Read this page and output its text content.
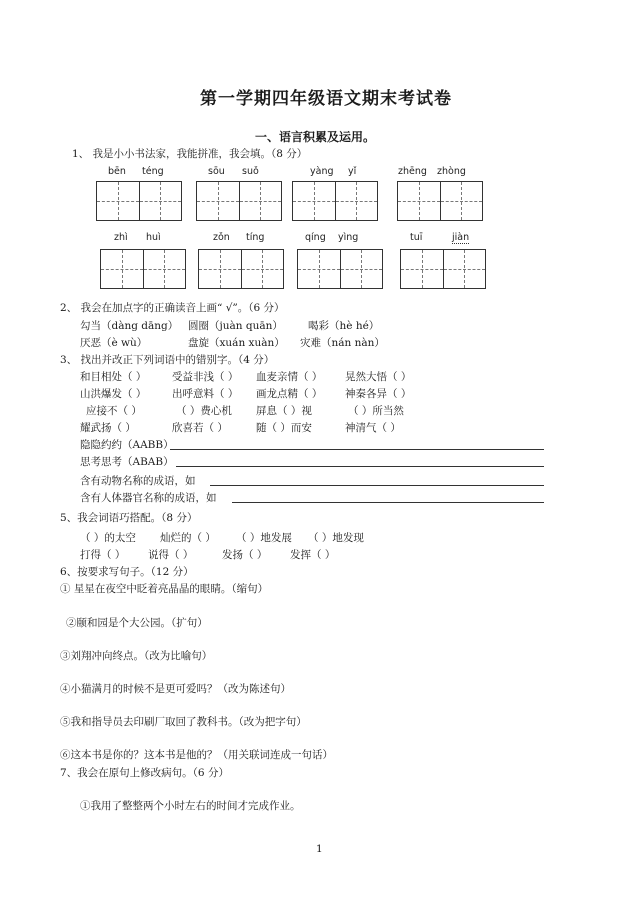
第一学期四年级语文期末考试卷
一、语言积累及运用。
1、 我是小小书法家，我能拼准，我会填。（8 分）
bēn téng	sōu suǒ	yàng yǐ	zhēng zhòng
zhì huì	zǒn tíng	qíng yìng	tuī	jiàn
2、 我会在加点字的正确读音上画“ √”。（6 分）
勾当（dàng dāng） 圆圈（juàn quān） 喝彩（hè hé）
厌恶（è wù）	盘旋（xuán xuàn） 灾难（nán nàn）
3、 找出并改正下列词语中的错别字。（4 分）
和目相处（ ） 受益非浅（ ） 血麦亲情（ ） 晃然大悟（ ）
山洪爆发（ ） 出呼意料（ ） 画龙点精（ ） 神秦各异（ ）
应接不（ ）	（ ）费心机 屏息（ ）视	（ ）所当然
耀武扬（ ）	欣喜若（ ）	随（ ）而安	神清气（ ）
隐隐约约（AABB）
思考思考（ABAB）
含有动物名称的成语，如
含有人体器官名称的成语，如
5、我会词语巧搭配。（8 分）
（ ）的太空 灿烂的（ ） （ ）地发展 （ ）地发现
打得（ ） 说得（ ）	发扬（ ） 发挥（ ）
6、按要求写句子。（12 分）
① 星星在夜空中眨着亮晶晶的眼睛。（缩句）
②颐和园是个大公园。（扩句）
③刘翔冲向终点。（改为比喻句）
④小猫满月的时候不是更可爱吗？（改为陈述句）
⑤我和指导员去印刷厂取回了教科书。（改为把字句）
⑥这本书是你的？这本书是他的？（用关联词连成一句话）
7、我会在原句上修改病句。（6 分）
①我用了整整两个小时左右的时间才完成作业。
1
